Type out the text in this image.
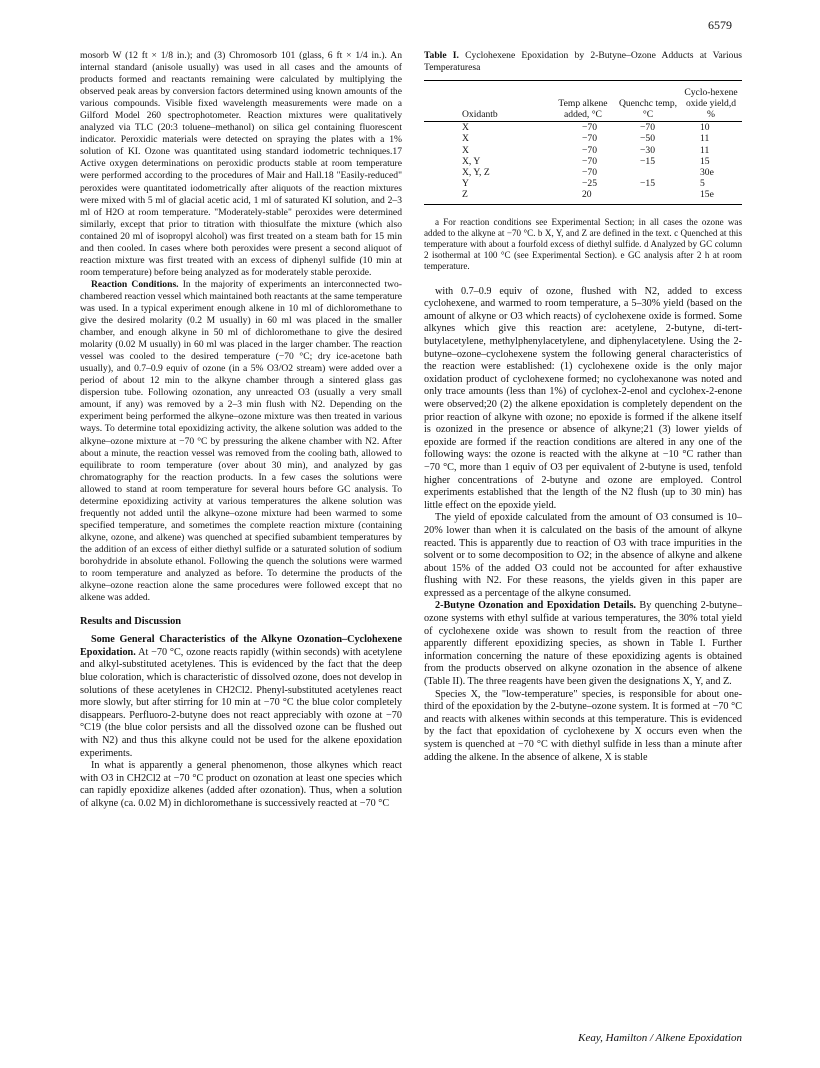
6579

mosorb W (12 ft × 1/8 in.); and (3) Chromosorb 101 (glass, 6 ft × 1/4 in.). An internal standard (anisole usually) was used in all cases and the amounts of products formed and reactants remaining were calculated by multiplying the observed peak areas by conversion factors determined using known amounts of the various compounds. Visible fixed wavelength measurements were made on a Gilford Model 260 spectrophotometer. Reaction mixtures were qualitatively analyzed via TLC (20:3 toluene–methanol) on silica gel containing fluorescent indicator. Peroxidic materials were detected on spraying the plates with a 1% solution of KI. Ozone was quantitated using standard iodometric techniques.17 Active oxygen determinations on peroxidic products stable at room temperature were performed according to the procedures of Mair and Hall.18 "Easily-reduced" peroxides were quantitated iodometrically after aliquots of the reaction mixtures were mixed with 5 ml of glacial acetic acid, 1 ml of saturated KI solution, and 2–3 ml of H2O at room temperature. "Moderately-stable" peroxides were determined similarly, except that prior to titration with thiosulfate the mixture (which also contained 20 ml of isopropyl alcohol) was first treated on a steam bath for 15 min and then cooled. In cases where both peroxides were present a second aliquot of reaction mixture was first treated with an excess of diphenyl sulfide (10 min at room temperature) before being analyzed as for moderately stable peroxide.

Reaction Conditions. In the majority of experiments an interconnected two-chambered reaction vessel which maintained both reactants at the same temperature was used. In a typical experiment enough alkene in 10 ml of dichloromethane to give the desired molarity (0.2 M usually) in 60 ml was placed in the smaller chamber, and enough alkyne in 50 ml of dichloromethane to give the desired molarity (0.02 M usually) in 60 ml was placed in the larger chamber. The reaction vessel was cooled to the desired temperature (−70 °C; dry ice-acetone bath usually), and 0.7–0.9 equiv of ozone (in a 5% O3/O2 stream) were added over a period of about 12 min to the alkyne chamber through a sintered glass gas dispersion tube. Following ozonation, any unreacted O3 (usually a very small amount, if any) was removed by a 2–3 min flush with N2. Depending on the experiment being performed the alkyne–ozone mixture was then treated in various ways. To determine total epoxidizing activity, the alkene solution was added to the alkyne–ozone mixture at −70 °C by pressuring the alkene chamber with N2. After about a minute, the reaction vessel was removed from the cooling bath, allowed to equilibrate to room temperature (over about 30 min), and analyzed by gas chromatography for the reaction products. In a few cases the solutions were allowed to stand at room temperature for several hours before GC analysis. To determine epoxidizing activity at various temperatures the alkene solution was frequently not added until the alkyne–ozone mixture had been warmed to some specified temperature, and sometimes the complete reaction mixture (containing alkyne, ozone, and alkene) was quenched at specified subambient temperatures by the addition of an excess of either diethyl sulfide or a saturated solution of sodium borohydride in absolute ethanol. Following the quench the solutions were warmed to room temperature and analyzed as before. To determine the products of the alkyne–ozone reaction alone the same procedures were followed except that no alkene was added.

Results and Discussion

Some General Characteristics of the Alkyne Ozonation–Cyclohexene Epoxidation. At −70 °C, ozone reacts rapidly (within seconds) with acetylene and alkyl-substituted acetylenes. This is evidenced by the fact that the deep blue coloration, which is characteristic of dissolved ozone, does not develop in solutions of these acetylenes in CH2Cl2. Phenyl-substituted acetylenes react more slowly, but after stirring for 10 min at −70 °C the blue color completely disappears. Perfluoro-2-butyne does not react appreciably with ozone at −70 °C19 (the blue color persists and all the dissolved ozone can be flushed out with N2) and thus this alkyne could not be used for the alkene epoxidation experiments.

In what is apparently a general phenomenon, those alkynes which react with O3 in CH2Cl2 at −70 °C product on ozonation at least one species which can rapidly epoxidize alkenes (added after ozonation). Thus, when a solution of alkyne (ca. 0.02 M) in dichloromethane is successively reacted at −70 °C

Table I. Cyclohexene Epoxidation by 2-Butyne–Ozone Adducts at Various Temperaturesa

Oxidantb	Temp alkene added, °C	Quenchc temp, °C	Cyclo-hexene oxide yield,d %
X	−70	−70	10
X	−70	−50	11
X	−70	−30	11
X, Y	−70	−15	15
X, Y, Z	−70		30e
Y	−25	−15	5
Z	20		15e

a For reaction conditions see Experimental Section; in all cases the ozone was added to the alkyne at −70 °C. b X, Y, and Z are defined in the text. c Quenched at this temperature with about a fourfold excess of diethyl sulfide. d Analyzed by GC column 2 isothermal at 100 °C (see Experimental Section). e GC analysis after 2 h at room temperature.

with 0.7–0.9 equiv of ozone, flushed with N2, added to excess cyclohexene, and warmed to room temperature, a 5–30% yield (based on the amount of alkyne or O3 which reacts) of cyclohexene oxide is formed. Some alkynes which give this reaction are: acetylene, 2-butyne, di-tert-butylacetylene, methylphenylacetylene, and diphenylacetylene. Using the 2-butyne–ozone–cyclohexene system the following general characteristics of the reaction were established: (1) cyclohexene oxide is the only major oxidation product of cyclohexene formed; no cyclohexanone was noted and only trace amounts (less than 1%) of cyclohex-2-enol and cyclohex-2-enone were observed;20 (2) the alkene epoxidation is completely dependent on the prior reaction of alkyne with ozone; no epoxide is formed if the alkene itself is ozonized in the presence or absence of alkyne;21 (3) lower yields of epoxide are formed if the reaction conditions are altered in any one of the following ways: the ozone is reacted with the alkyne at −10 °C rather than −70 °C, more than 1 equiv of O3 per equivalent of 2-butyne is used, tenfold higher concentrations of 2-butyne and ozone are employed. Control experiments established that the length of the N2 flush (up to 30 min) has little effect on the epoxide yield.

The yield of epoxide calculated from the amount of O3 consumed is 10–20% lower than when it is calculated on the basis of the amount of alkyne reacted. This is apparently due to reaction of O3 with trace impurities in the solvent or to some decomposition to O2; in the absence of alkyne and alkene about 15% of the added O3 could not be accounted for after exhaustive flushing with N2. For these reasons, the yields given in this paper are expressed as a percentage of the alkyne consumed.

2-Butyne Ozonation and Epoxidation Details. By quenching 2-butyne–ozone systems with ethyl sulfide at various temperatures, the 30% total yield of cyclohexene oxide was shown to result from the reaction of three apparently different epoxidizing species, as shown in Table I. Further information concerning the nature of these epoxidizing agents is obtained from the products observed on alkyne ozonation in the absence of alkene (Table II). The three reagents have been given the designations X, Y, and Z.

Species X, the "low-temperature" species, is responsible for about one-third of the epoxidation by the 2-butyne–ozone system. It is formed at −70 °C and reacts with alkenes within seconds at this temperature. This is evidenced by the fact that epoxidation of cyclohexene by X occurs even when the system is quenched at −70 °C with diethyl sulfide in less than a minute after adding the alkene. In the absence of alkene, X is stable

Keay, Hamilton / Alkene Epoxidation
